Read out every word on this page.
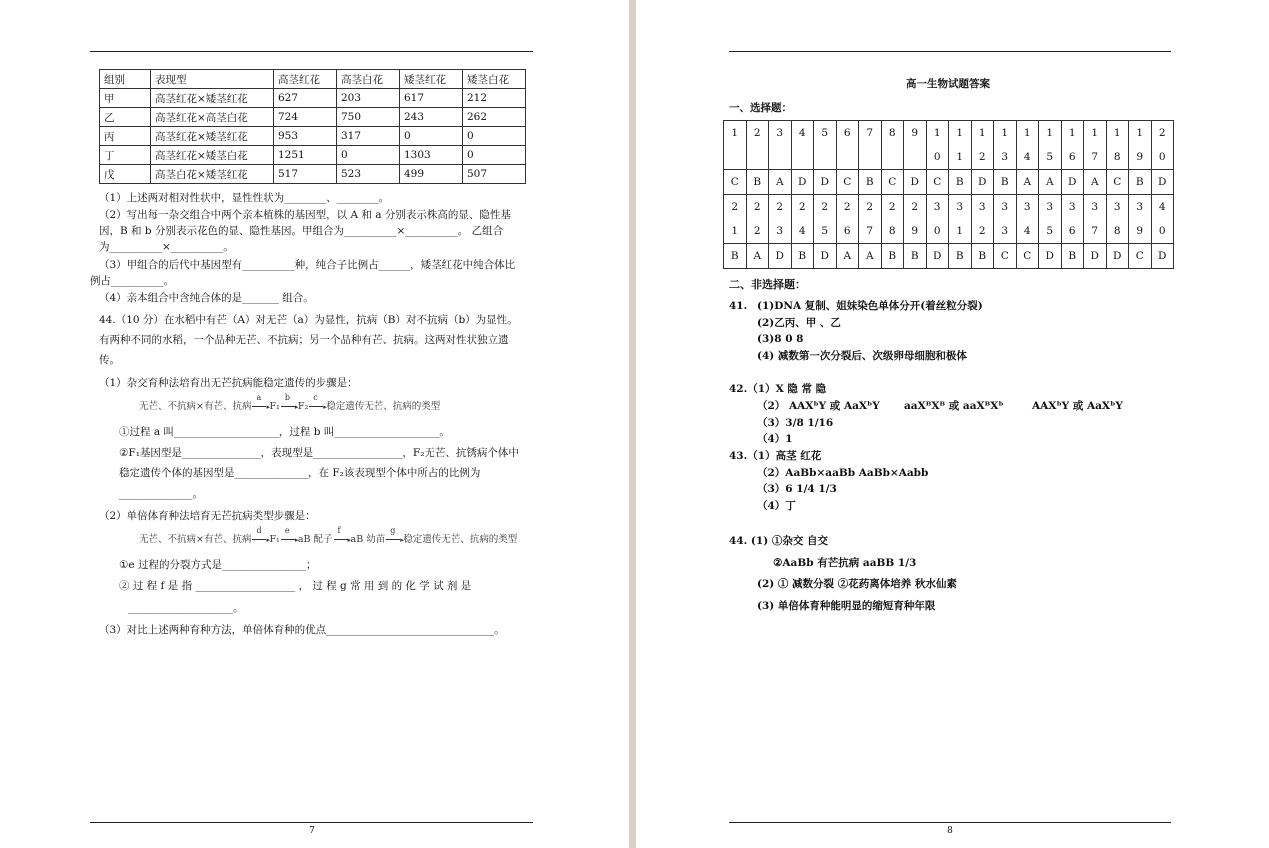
组别	表现型	高茎红花	高茎白花	矮茎红花	矮茎白花
甲	高茎红花×矮茎红花	627	203	617	212
乙	高茎红花×高茎白花	724	750	243	262
丙	高茎红花×矮茎红花	953	317	0	0
丁	高茎红花×矮茎白花	1251	0	1303	0
戊	高茎白花×矮茎红花	517	523	499	507
（1）上述两对相对性状中，显性性状为________、________。
（2）写出每一杂交组合中两个亲本植株的基因型，以 A 和 a 分别表示株高的显、隐性基
因，B 和 b 分别表示花色的显、隐性基因。甲组合为__________×__________。 乙组合
为__________×__________。
（3）甲组合的后代中基因型有__________种，纯合子比例占______，矮茎红花中纯合体比
例占__________。
（4）亲本组合中含纯合体的是_______ 组合。
44.（10 分）在水稻中有芒（A）对无芒（a）为显性，抗病（B）对不抗病（b）为显性。
有两种不同的水稻，一个品种无芒、不抗病；另一个品种有芒、抗病。这两对性状独立遗
传。
（1）杂交育种法培育出无芒抗病能稳定遗传的步骤是：
无芒、不抗病×有芒、抗病
a
▸F₁
b
▸F₂
c
▸稳定遗传无芒、抗病的类型
①过程 a 叫____________________，过程 b 叫____________________。
②F₁基因型是_______________，表现型是_________________，F₂无芒、抗锈病个体中
稳定遗传个体的基因型是______________，在 F₂该表现型个体中所占的比例为
______________。
（2）单倍体育种法培育无芒抗病类型步骤是：
无芒、不抗病×有芒、抗病
d
▸F₁
e
▸aB 配子
f
▸aB 幼苗
g
▸稳定遗传无芒、抗病的类型
①e 过程的分裂方式是________________；
② 过 程 f 是 指 ___________________ ， 过 程 g 常 用 到 的 化 学 试 剂 是
____________________。
（3）对比上述两种育种方法，单倍体育种的优点________________________________。
7
高一生物试题答案
一、选择题：
1	2	3	4	5	6	7	8	9	1	1	1	1	1	1	1	1	1	1	2
									0	1	2	3	4	5	6	7	8	9	0
C	B	A	D	D	C	B	C	D	C	B	D	B	A	A	D	A	C	B	D
2	2	2	2	2	2	2	2	2	3	3	3	3	3	3	3	3	3	3	4
1	2	3	4	5	6	7	8	9	0	1	2	3	4	5	6	7	8	9	0
B	A	D	B	D	A	A	B	B	D	B	B	C	C	D	B	D	D	C	D
二、非选择题：
41. (1)DNA 复制、姐妹染色单体分开(着丝粒分裂)
(2)乙丙、甲 、乙
(3)8 0 8
(4) 减数第一次分裂后、次级卵母细胞和极体
42.（1）X 隐 常 隐
（2） AAXᵇY 或 AaXᵇY aaXᴮXᴮ 或 aaXᴮXᵇ	AAXᵇY 或 AaXᵇY
（3）3/8 1/16
（4）1
43.（1）高茎 红花
（2）AaBb×aaBb AaBb×Aabb
（3）6 1/4 1/3
（4）丁
44. (1) ①杂交 自交
②AaBb 有芒抗病 aaBB 1/3
(2) ① 减数分裂 ②花药离体培养 秋水仙素
(3) 单倍体育种能明显的缩短育种年限
8
